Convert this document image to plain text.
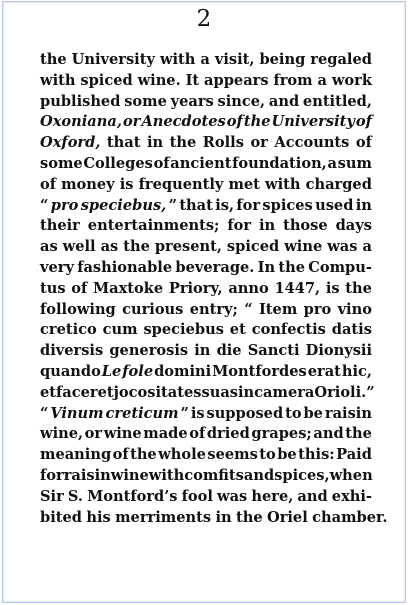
2
the University with a visit, being regaled
with spiced wine. It appears from a work
published some years since, and entitled,
Oxoniana, or Anecdotes of the University of
Oxford, that in the Rolls or Accounts of
some Colleges of ancient foundation, a sum
of money is frequently met with charged
“ pro speciebus, ” that is, for spices used in
their entertainments; for in those days
as well as the present, spiced wine was a
very fashionable beverage. In the Compu-
tus of Maxtoke Priory, anno 1447, is the
following curious entry; “ Item pro vino
cretico cum speciebus et confectis datis
diversis generosis in die Sancti Dionysii
quando Le fole domini Montfordes erat hic,
et faceret jocositates suas in camera Orioli.”
“ Vinum creticum ” is supposed to be raisin
wine, or wine made of dried grapes; and the
meaning of the whole seems to be this: Paid
for raisin wine with comfits and spices, when
Sir S. Montford’s fool was here, and exhi-
bited his merriments in the Oriel chamber.
